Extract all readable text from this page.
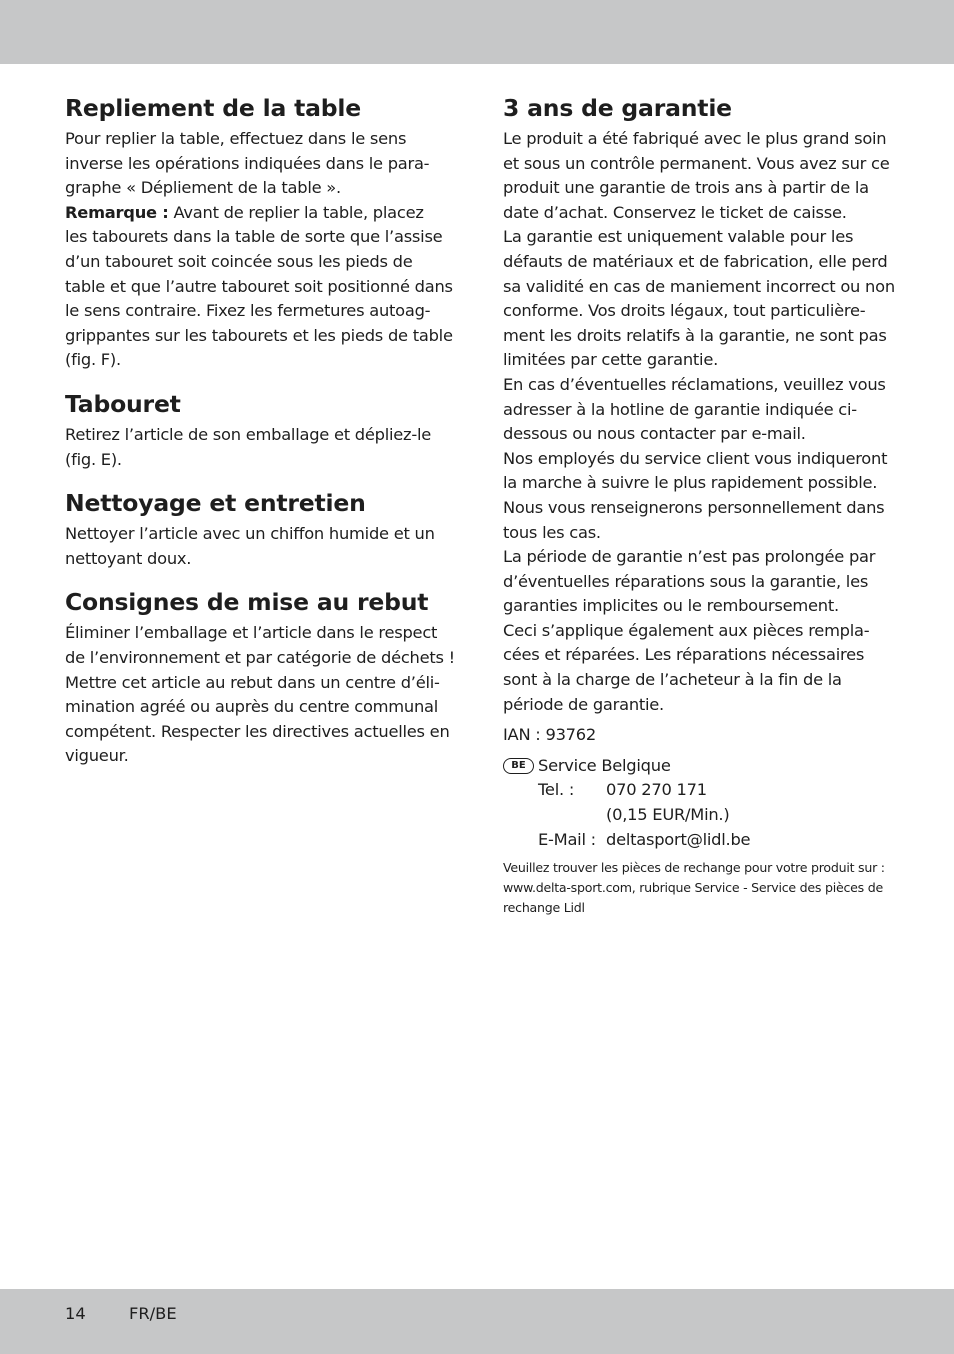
Repliement de la table

Pour replier la table, effectuez dans le sens

inverse les opérations indiquées dans le para-

graphe « Dépliement de la table ».

Remarque : Avant de replier la table, placez

les tabourets dans la table de sorte que l’assise

d’un tabouret soit coincée sous les pieds de

table et que l’autre tabouret soit positionné dans

le sens contraire. Fixez les fermetures autoag-

grippantes sur les tabourets et les pieds de table

(fig. F).

Tabouret

Retirez l’article de son emballage et dépliez-le

(fig. E).

Nettoyage et entretien

Nettoyer l’article avec un chiffon humide et un

nettoyant doux.

Consignes de mise au rebut

Éliminer l’emballage et l’article dans le respect

de l’environnement et par catégorie de déchets !

Mettre cet article au rebut dans un centre d’éli-

mination agréé ou auprès du centre communal

compétent. Respecter les directives actuelles en

vigueur.

3 ans de garantie

Le produit a été fabriqué avec le plus grand soin

et sous un contrôle permanent. Vous avez sur ce

produit une garantie de trois ans à partir de la

date d’achat. Conservez le ticket de caisse.

La garantie est uniquement valable pour les

défauts de matériaux et de fabrication, elle perd

sa validité en cas de maniement incorrect ou non

conforme. Vos droits légaux, tout particulière-

ment les droits relatifs à la garantie, ne sont pas

limitées par cette garantie.

En cas d’éventuelles réclamations, veuillez vous

adresser à la hotline de garantie indiquée ci-

dessous ou nous contacter par e-mail.

Nos employés du service client vous indiqueront

la marche à suivre le plus rapidement possible.

Nous vous renseignerons personnellement dans

tous les cas.

La période de garantie n’est pas prolongée par

d’éventuelles réparations sous la garantie, les

garanties implicites ou le remboursement.

Ceci s’applique également aux pièces rempla-

cées et réparées. Les réparations nécessaires

sont à la charge de l’acheteur à la fin de la

période de garantie.

IAN : 93762

BE Service Belgique
Tel. : 070 270 171
(0,15 EUR/Min.)
E-Mail : deltasport@lidl.be

Veuillez trouver les pièces de rechange pour votre produit sur :

www.delta-sport.com, rubrique Service - Service des pièces de

rechange Lidl

14	FR/BE
